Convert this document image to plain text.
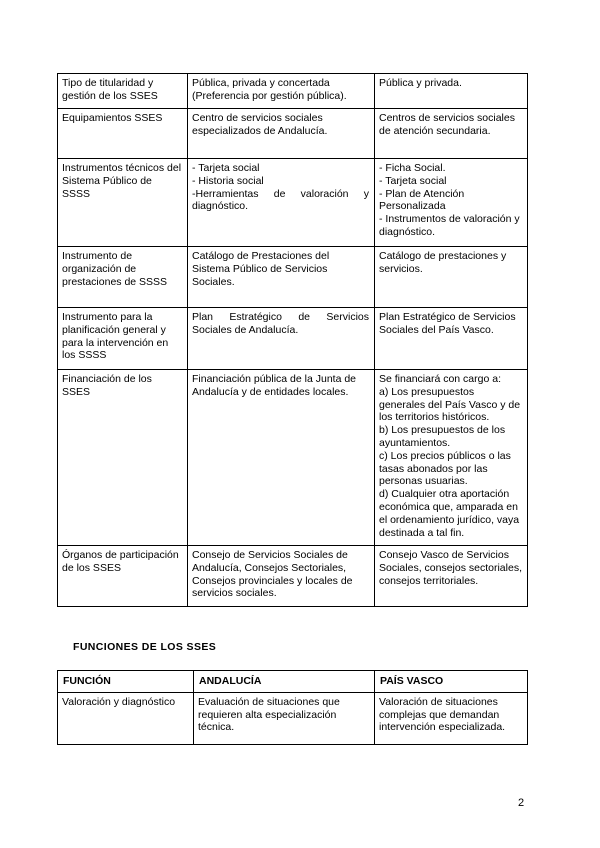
Tipo de titularidad y gestión de los SSES	Pública, privada y concertada (Preferencia por gestión pública).	Pública y privada.

Equipamientos SSES	Centro de servicios sociales especializados de Andalucía.	Centros de servicios sociales de atención secundaria.

Instrumentos técnicos del Sistema Público de SSSS	- Tarjeta social
- Historia social
-Herramientas de valoración y diagnóstico.	- Ficha Social.
- Tarjeta social
- Plan de Atención Personalizada
- Instrumentos de valoración y diagnóstico.

Instrumento de organización de prestaciones de SSSS	Catálogo de Prestaciones del Sistema Público de Servicios Sociales.	Catálogo de prestaciones y servicios.

Instrumento para la planificación general y para la intervención en los SSSS	Plan Estratégico de Servicios Sociales de Andalucía.	Plan Estratégico de Servicios Sociales del País Vasco.

Financiación de los SSES	Financiación pública de la Junta de Andalucía y de entidades locales.	Se financiará con cargo a:
a) Los presupuestos generales del País Vasco y de los territorios históricos.
b) Los presupuestos de los ayuntamientos.
c) Los precios públicos o las tasas abonados por las personas usuarias.
d) Cualquier otra aportación económica que, amparada en el ordenamiento jurídico, vaya destinada a tal fin.

Órganos de participación de los SSES	Consejo de Servicios Sociales de Andalucía, Consejos Sectoriales, Consejos provinciales y locales de servicios sociales.	Consejo Vasco de Servicios Sociales, consejos sectoriales, consejos territoriales.
FUNCIONES DE LOS SSES
FUNCIÓN	ANDALUCÍA	PAÍS VASCO
Valoración y diagnóstico	Evaluación de situaciones que requieren alta especialización técnica.	Valoración de situaciones complejas que demandan intervención especializada.
2
